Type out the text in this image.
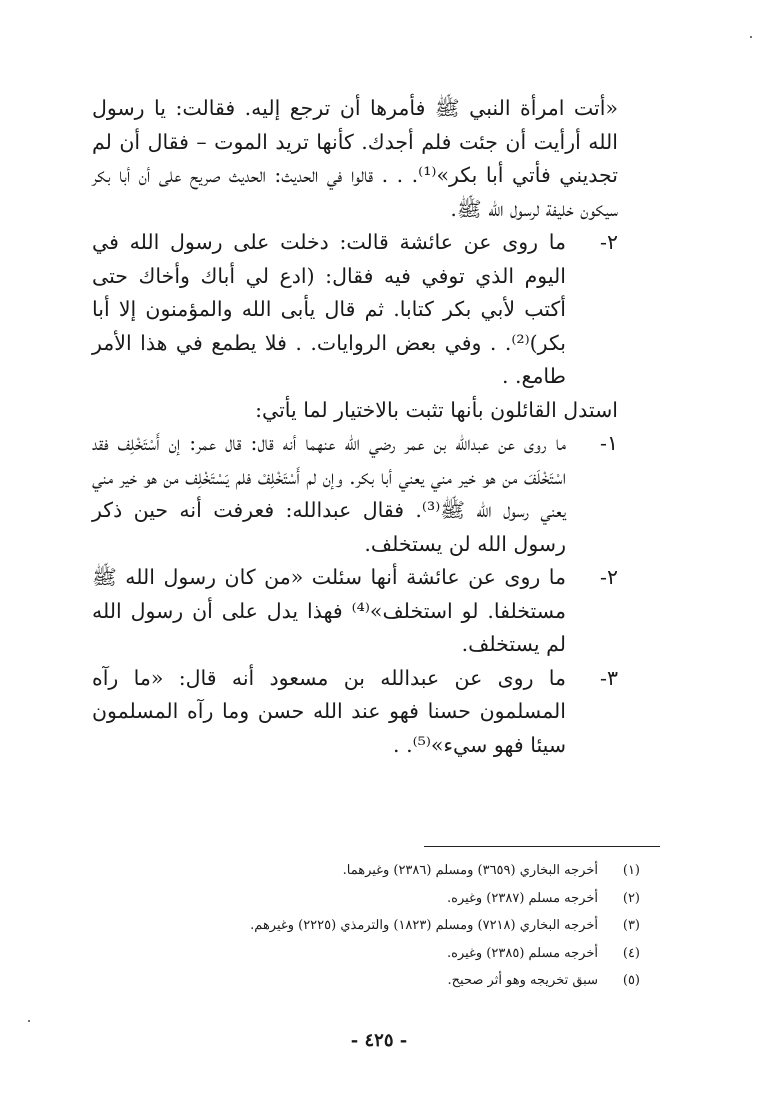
«أتت امرأة النبي ﷺ فأمرها أن ترجع إليه. فقالت: يا رسول الله أرأيت أن جئت فلم أجدك. كأنها تريد الموت – فقال أن لم تجديني فأتي أبا بكر»⁽¹⁾. . . قالوا في الحديث: الحديث صريح على أن أبا بكر سيكون خليفة لرسول الله ﷺ.

٢-

ما روى عن عائشة قالت: دخلت على رسول الله في اليوم الذي توفي فيه فقال: (ادع لي أباك وأخاك حتى أكتب لأبي بكر كتابا. ثم قال يأبى الله والمؤمنون إلا أبا بكر)⁽²⁾. . وفي بعض الروايات. . فلا يطمع في هذا الأمر طامع. .

استدل القائلون بأنها تثبت بالاختيار لما يأتي:

١-

ما روى عن عبدالله بن عمر رضي الله عنهما أنه قال: قال عمر: إن أَسْتَخْلِف فقد اسْتَخْلَفَ من هو خير مني يعني أبا بكر. وإن لم أَسْتَخْلِفْ فلم يَسْتَخْلِف من هو خير مني يعني رسول الله ﷺ⁽³⁾. فقال عبدالله: فعرفت أنه حين ذكر رسول الله لن يستخلف.

٢-

ما روى عن عائشة أنها سئلت «من كان رسول الله ﷺ مستخلفا. لو استخلف»⁽⁴⁾ فهذا يدل على أن رسول الله لم يستخلف.

٣-

ما روى عن عبدالله بن مسعود أنه قال: «ما رآه المسلمون حسنا فهو عند الله حسن وما رآه المسلمون سيئا فهو سيء»⁽⁵⁾. .

(١)
أخرجه البخاري (٣٦٥٩) ومسلم (٢٣٨٦) وغيرهما.
(٢)
أخرجه مسلم (٢٣٨٧) وغيره.
(٣)
أخرجه البخاري (٧٢١٨) ومسلم (١٨٢٣) والترمذي (٢٢٢٥) وغيرهم.
(٤)
أخرجه مسلم (٢٣٨٥) وغيره.
(٥)
سبق تخريجه وهو أثر صحيح.
- ٤٢٥ -
